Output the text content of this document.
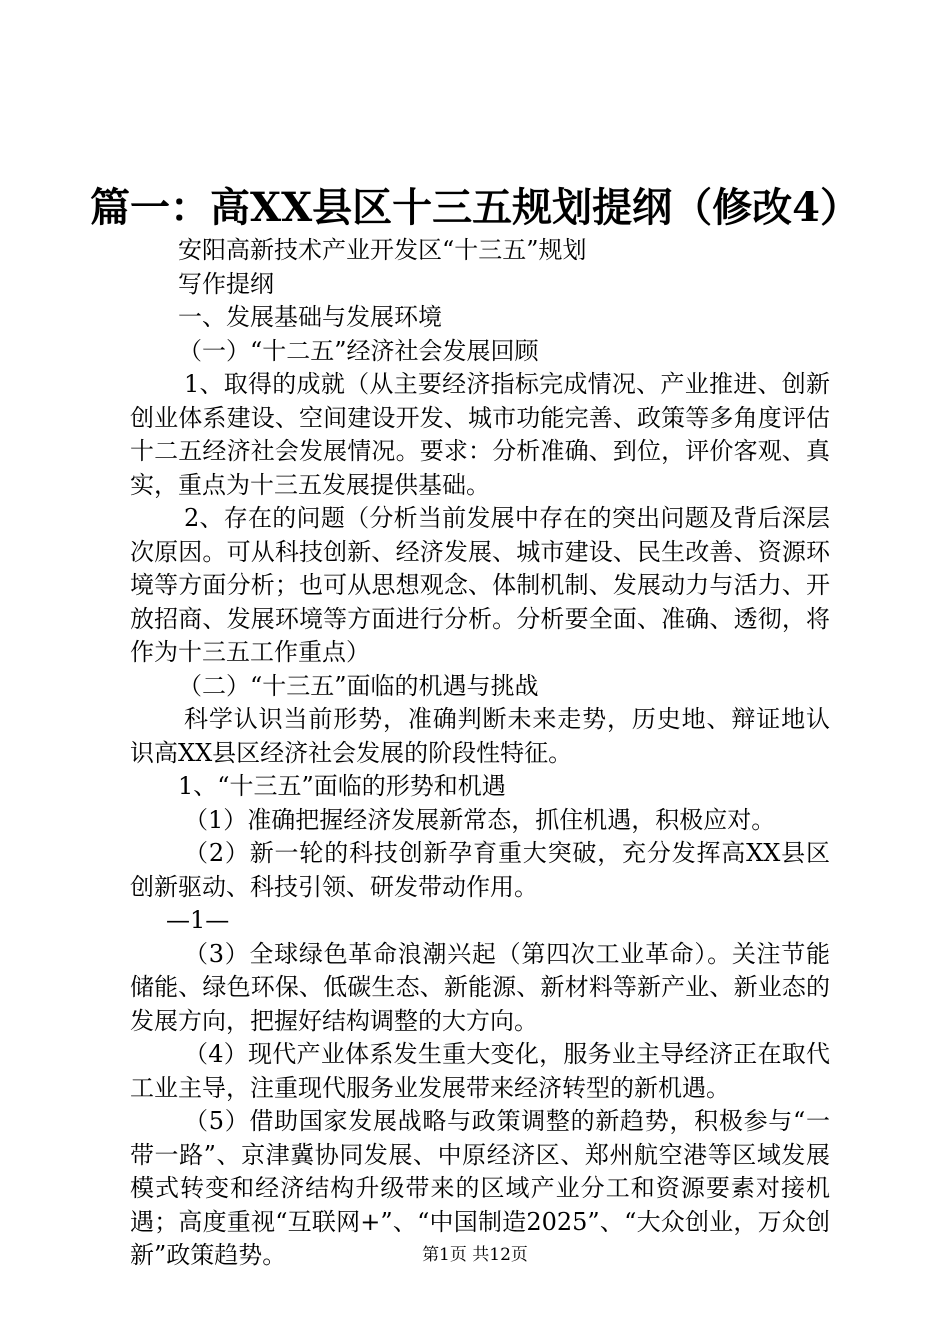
篇一：高XX县区十三五规划提纲（修改4）

安阳高新技术产业开发区“十三五”规划

写作提纲

一、发展基础与发展环境

（一）“十二五”经济社会发展回顾

1、取得的成就（从主要经济指标完成情况、产业推进、创新创业体系建设、空间建设开发、城市功能完善、政策等多角度评估十二五经济社会发展情况。要求：分析准确、到位，评价客观、真实，重点为十三五发展提供基础。

2、存在的问题（分析当前发展中存在的突出问题及背后深层次原因。可从科技创新、经济发展、城市建设、民生改善、资源环境等方面分析；也可从思想观念、体制机制、发展动力与活力、开放招商、发展环境等方面进行分析。分析要全面、准确、透彻，将作为十三五工作重点）

（二）“十三五”面临的机遇与挑战

科学认识当前形势，准确判断未来走势，历史地、辩证地认识高XX县区经济社会发展的阶段性特征。

1、“十三五”面临的形势和机遇

（1）准确把握经济发展新常态，抓住机遇，积极应对。

（2）新一轮的科技创新孕育重大突破，充分发挥高XX县区创新驱动、科技引领、研发带动作用。

—1—

（3）全球绿色革命浪潮兴起（第四次工业革命）。关注节能储能、绿色环保、低碳生态、新能源、新材料等新产业、新业态的发展方向，把握好结构调整的大方向。

（4）现代产业体系发生重大变化，服务业主导经济正在取代工业主导，注重现代服务业发展带来经济转型的新机遇。

（5）借助国家发展战略与政策调整的新趋势，积极参与“一带一路”、京津冀协同发展、中原经济区、郑州航空港等区域发展模式转变和经济结构升级带来的区域产业分工和资源要素对接机遇；高度重视“互联网+”、“中国制造2025”、“大众创业，万众创新”政策趋势。	第1页 共12页
